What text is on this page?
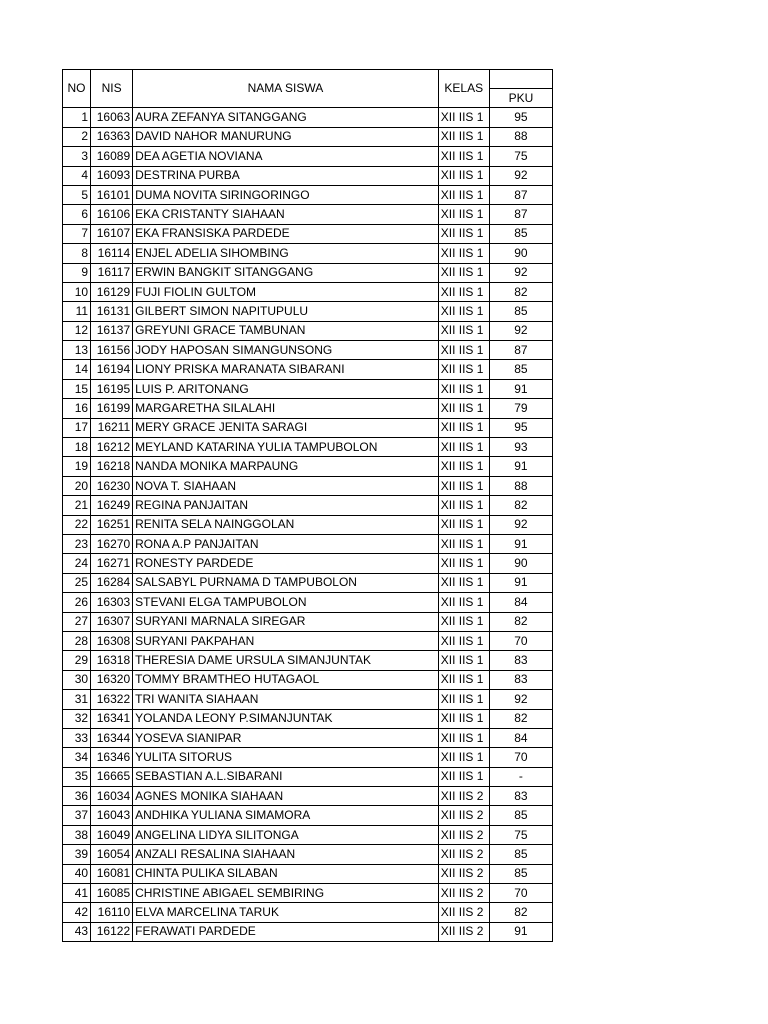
NO	NIS	NAMA SISWA	KELAS	
				PKU
1	16063	AURA ZEFANYA SITANGGANG	XII IIS 1	95
2	16363	DAVID NAHOR MANURUNG	XII IIS 1	88
3	16089	DEA AGETIA NOVIANA	XII IIS 1	75
4	16093	DESTRINA PURBA	XII IIS 1	92
5	16101	DUMA NOVITA SIRINGORINGO	XII IIS 1	87
6	16106	EKA CRISTANTY SIAHAAN	XII IIS 1	87
7	16107	EKA FRANSISKA PARDEDE	XII IIS 1	85
8	16114	ENJEL ADELIA SIHOMBING	XII IIS 1	90
9	16117	ERWIN BANGKIT SITANGGANG	XII IIS 1	92
10	16129	FUJI FIOLIN GULTOM	XII IIS 1	82
11	16131	GILBERT SIMON NAPITUPULU	XII IIS 1	85
12	16137	GREYUNI GRACE TAMBUNAN	XII IIS 1	92
13	16156	JODY HAPOSAN SIMANGUNSONG	XII IIS 1	87
14	16194	LIONY PRISKA MARANATA SIBARANI	XII IIS 1	85
15	16195	LUIS P. ARITONANG	XII IIS 1	91
16	16199	MARGARETHA SILALAHI	XII IIS 1	79
17	16211	MERY GRACE JENITA SARAGI	XII IIS 1	95
18	16212	MEYLAND KATARINA YULIA TAMPUBOLON	XII IIS 1	93
19	16218	NANDA MONIKA MARPAUNG	XII IIS 1	91
20	16230	NOVA T. SIAHAAN	XII IIS 1	88
21	16249	REGINA PANJAITAN	XII IIS 1	82
22	16251	RENITA SELA NAINGGOLAN	XII IIS 1	92
23	16270	RONA A.P PANJAITAN	XII IIS 1	91
24	16271	RONESTY PARDEDE	XII IIS 1	90
25	16284	SALSABYL PURNAMA D TAMPUBOLON	XII IIS 1	91
26	16303	STEVANI ELGA TAMPUBOLON	XII IIS 1	84
27	16307	SURYANI MARNALA SIREGAR	XII IIS 1	82
28	16308	SURYANI PAKPAHAN	XII IIS 1	70
29	16318	THERESIA DAME URSULA SIMANJUNTAK	XII IIS 1	83
30	16320	TOMMY BRAMTHEO HUTAGAOL	XII IIS 1	83
31	16322	TRI WANITA SIAHAAN	XII IIS 1	92
32	16341	YOLANDA LEONY P.SIMANJUNTAK	XII IIS 1	82
33	16344	YOSEVA SIANIPAR	XII IIS 1	84
34	16346	YULITA SITORUS	XII IIS 1	70
35	16665	SEBASTIAN A.L.SIBARANI	XII IIS 1	-
36	16034	AGNES MONIKA SIAHAAN	XII IIS 2	83
37	16043	ANDHIKA YULIANA SIMAMORA	XII IIS 2	85
38	16049	ANGELINA LIDYA SILITONGA	XII IIS 2	75
39	16054	ANZALI RESALINA SIAHAAN	XII IIS 2	85
40	16081	CHINTA PULIKA SILABAN	XII IIS 2	85
41	16085	CHRISTINE ABIGAEL SEMBIRING	XII IIS 2	70
42	16110	ELVA MARCELINA TARUK	XII IIS 2	82
43	16122	FERAWATI PARDEDE	XII IIS 2	91
